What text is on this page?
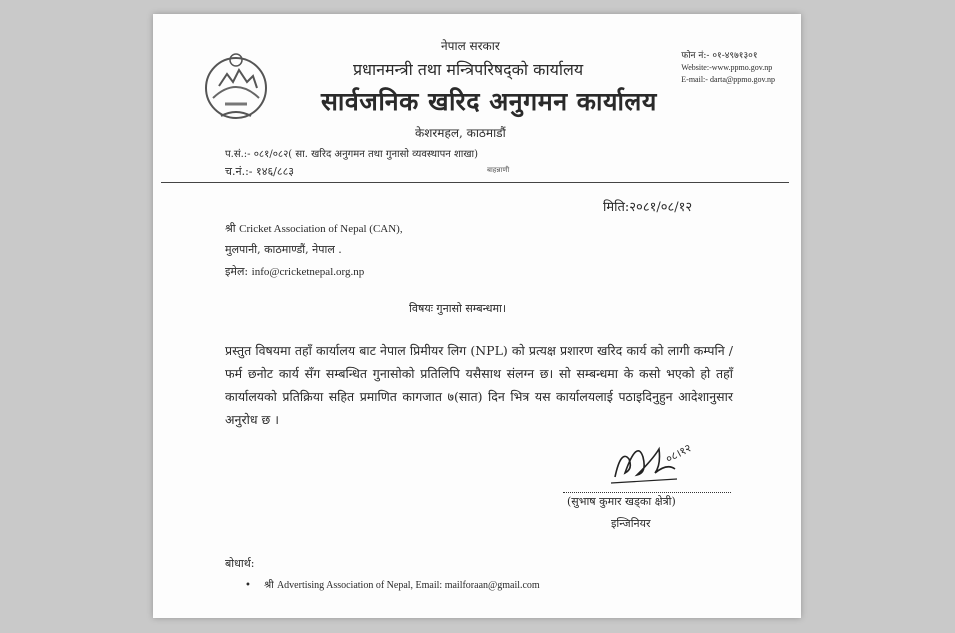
नेपाल सरकार
प्रधानमन्त्री तथा मन्त्रिपरिषद्को कार्यालय
सार्वजनिक खरिद अनुगमन कार्यालय
केशरमहल, काठमाडौं
फोन नं:- ०१-४९७१३०१
Website:-www.ppmo.gov.np
E-mail:- darta@ppmo.gov.np
प.सं.:- ०८१/०८२( सा. खरिद अनुगमन तथा गुनासो व्यवस्थापन शाखा)
च.नं.:- १४६/८८३	बाहन्नाणी
मिति:२०८१/०८/१२
श्री Cricket Association of Nepal (CAN),
मुलपानी, काठमाण्डौं, नेपाल .
इमेल: info@cricketnepal.org.np
विषयः गुनासो सम्बन्धमा।
प्रस्तुत विषयमा तहाँ कार्यालय बाट नेपाल प्रिमीयर लिग (NPL) को प्रत्यक्ष प्रशारण खरिद कार्य को लागी कम्पनि / फर्म छनोट कार्य सँग सम्बन्धित गुनासोको प्रतिलिपि यसैसाथ संलग्न छ। सो सम्बन्धमा के कसो भएको हो तहाँ कार्यालयको प्रतिक्रिया सहित प्रमाणित कागजात ७(सात) दिन भित्र यस कार्यालयलाई पठाइदिनुहुन आदेशानुसार अनुरोध छ ।
०८।१२
(सुभाष कुमार खड्का क्षेत्री)
इन्जिनियर
बोधार्थ:
• श्री Advertising Association of Nepal, Email: mailforaan@gmail.com
